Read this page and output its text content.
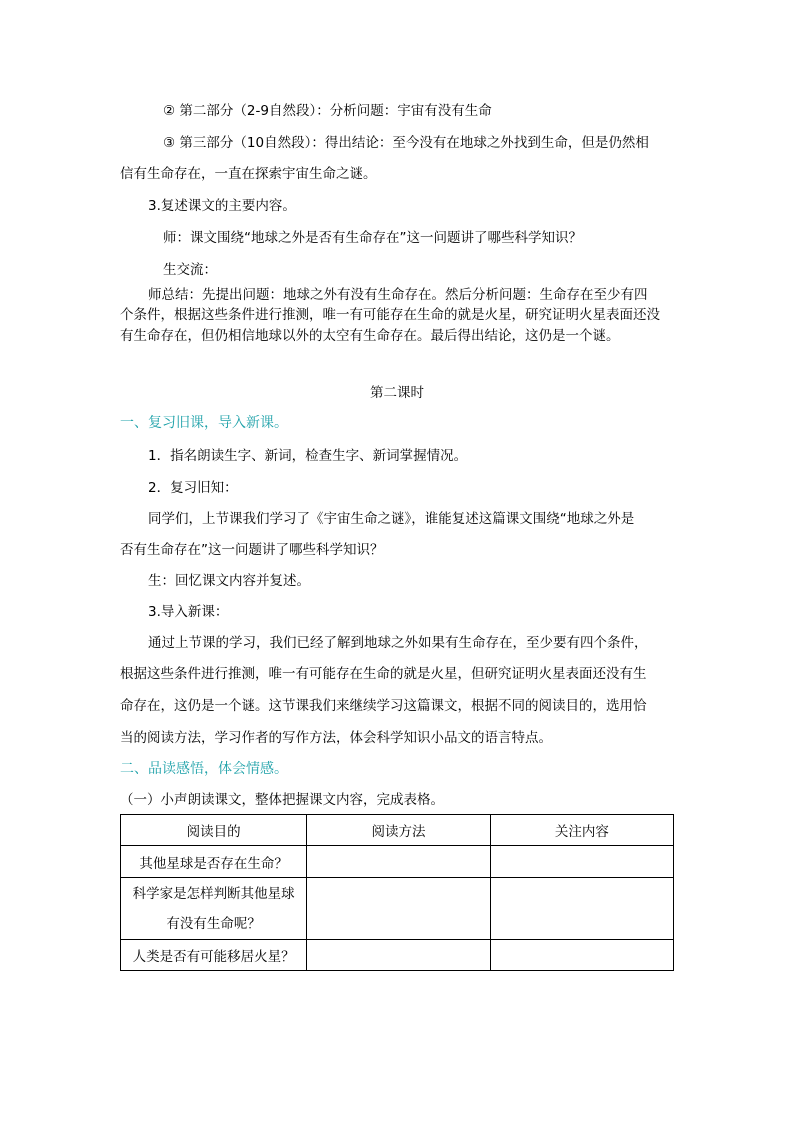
② 第二部分（2-9自然段）：分析问题：宇宙有没有生命
③ 第三部分（10自然段）：得出结论：至今没有在地球之外找到生命，但是仍然相
信有生命存在，一直在探索宇宙生命之谜。
3.复述课文的主要内容。
师：课文围绕“地球之外是否有生命存在”这一问题讲了哪些科学知识？
生交流：
师总结：先提出问题：地球之外有没有生命存在。然后分析问题：生命存在至少有四
个条件，根据这些条件进行推测，唯一有可能存在生命的就是火星，研究证明火星表面还没
有生命存在，但仍相信地球以外的太空有生命存在。最后得出结论，这仍是一个谜。
第二课时
一、复习旧课，导入新课。
1．指名朗读生字、新词，检查生字、新词掌握情况。
2．复习旧知：
同学们，上节课我们学习了《宇宙生命之谜》，谁能复述这篇课文围绕“地球之外是
否有生命存在”这一问题讲了哪些科学知识？
生：回忆课文内容并复述。
3.导入新课：
通过上节课的学习，我们已经了解到地球之外如果有生命存在，至少要有四个条件，
根据这些条件进行推测，唯一有可能存在生命的就是火星，但研究证明火星表面还没有生
命存在，这仍是一个谜。这节课我们来继续学习这篇课文，根据不同的阅读目的，选用恰
当的阅读方法，学习作者的写作方法，体会科学知识小品文的语言特点。
二、品读感悟，体会情感。
（一）小声朗读课文，整体把握课文内容，完成表格。
阅读目的	阅读方法	关注内容
其他星球是否存在生命？		

科学家是怎样判断其他星球
有没有生命呢？		

人类是否有可能移居火星？		
